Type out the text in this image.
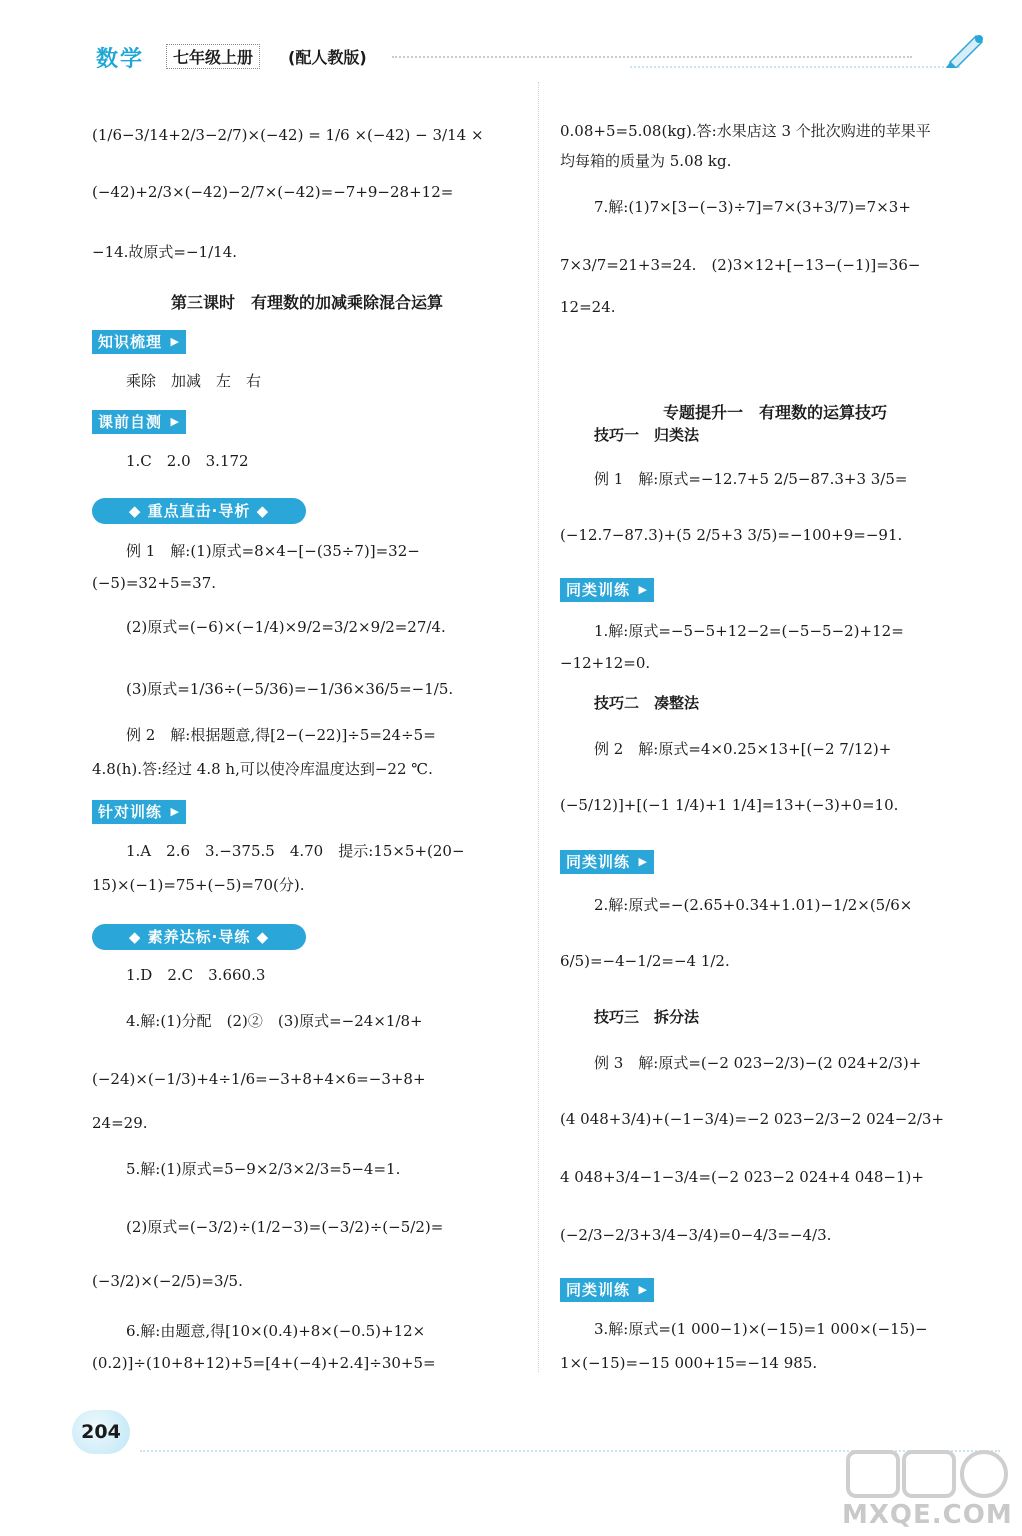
数学	七年级上册	(配人教版)
(1/6−3/14+2/3−2/7)×(−42) = 1/6 ×(−42) − 3/14 ×
(−42)+2/3×(−42)−2/7×(−42)=−7+9−28+12=
−14.故原式=−1/14.
第三课时　有理数的加减乘除混合运算
知识梳理 ▶
乘除　加减　左　右
课前自测 ▶
1.C　2.0　3.172
◆ 重点直击·导析 ◆
例 1　解:(1)原式=8×4−[−(35÷7)]=32−
(−5)=32+5=37.
(2)原式=(−6)×(−1/4)×9/2=3/2×9/2=27/4.
(3)原式=1/36÷(−5/36)=−1/36×36/5=−1/5.
例 2　解:根据题意,得[2−(−22)]÷5=24÷5=
4.8(h).答:经过 4.8 h,可以使冷库温度达到−22 ℃.
针对训练 ▶
1.A　2.6　3.−375.5　4.70　提示:15×5+(20−
15)×(−1)=75+(−5)=70(分).
◆ 素养达标·导练 ◆
1.D　2.C　3.660.3
4.解:(1)分配　(2)②　(3)原式=−24×1/8+
(−24)×(−1/3)+4÷1/6=−3+8+4×6=−3+8+
24=29.
5.解:(1)原式=5−9×2/3×2/3=5−4=1.
(2)原式=(−3/2)÷(1/2−3)=(−3/2)÷(−5/2)=
(−3/2)×(−2/5)=3/5.
6.解:由题意,得[10×(0.4)+8×(−0.5)+12×
(0.2)]÷(10+8+12)+5=[4+(−4)+2.4]÷30+5=
0.08+5=5.08(kg).答:水果店这 3 个批次购进的苹果平
均每箱的质量为 5.08 kg.
7.解:(1)7×[3−(−3)÷7]=7×(3+3/7)=7×3+
7×3/7=21+3=24.　(2)3×12+[−13−(−1)]=36−
12=24.
专题提升一　有理数的运算技巧
技巧一　归类法
例 1　解:原式=−12.7+5 2/5−87.3+3 3/5=
(−12.7−87.3)+(5 2/5+3 3/5)=−100+9=−91.
同类训练 ▶
1.解:原式=−5−5+12−2=(−5−5−2)+12=
−12+12=0.
技巧二　凑整法
例 2　解:原式=4×0.25×13+[(−2 7/12)+
(−5/12)]+[(−1 1/4)+1 1/4]=13+(−3)+0=10.
同类训练 ▶
2.解:原式=−(2.65+0.34+1.01)−1/2×(5/6×
6/5)=−4−1/2=−4 1/2.
技巧三　拆分法
例 3　解:原式=(−2 023−2/3)−(2 024+2/3)+
(4 048+3/4)+(−1−3/4)=−2 023−2/3−2 024−2/3+
4 048+3/4−1−3/4=(−2 023−2 024+4 048−1)+
(−2/3−2/3+3/4−3/4)=0−4/3=−4/3.
同类训练 ▶
3.解:原式=(1 000−1)×(−15)=1 000×(−15)−
1×(−15)=−15 000+15=−14 985.
204
MXQE.COM
